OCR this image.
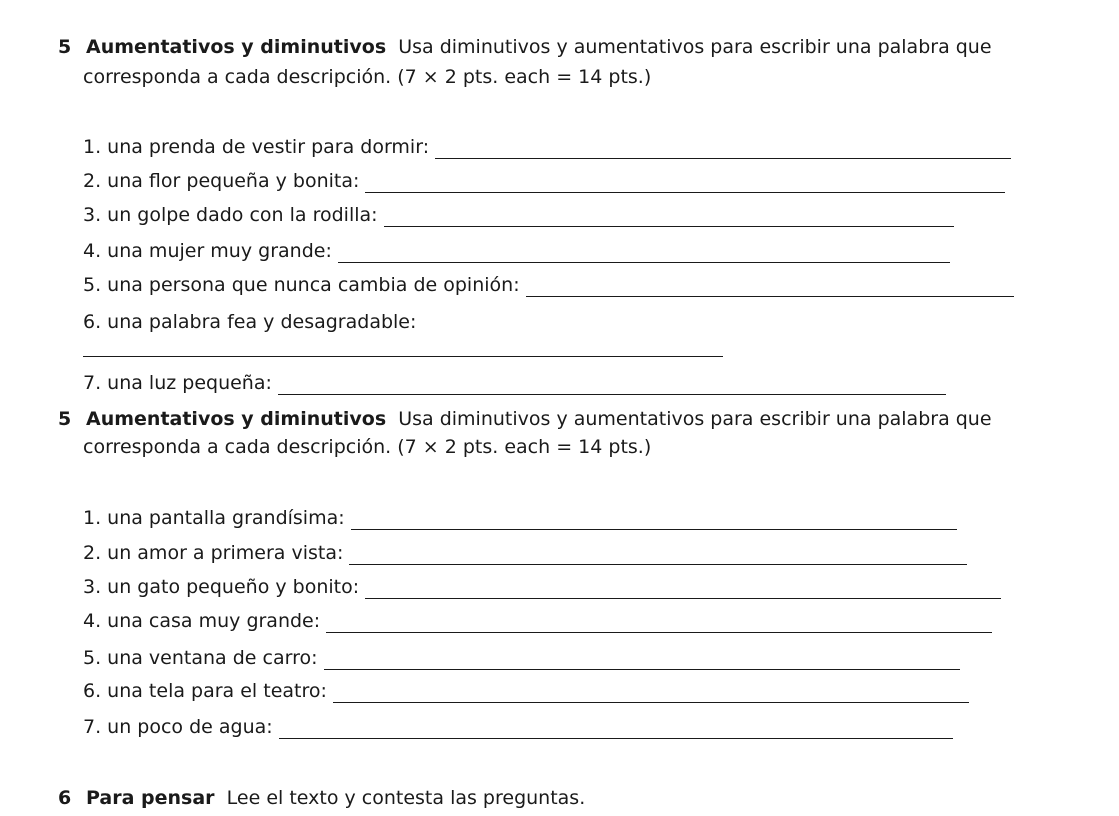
5 Aumentativos y diminutivos Usa diminutivos y aumentativos para escribir una palabra que
corresponda a cada descripción. (7 × 2 pts. each = 14 pts.)
1. una prenda de vestir para dormir:
2. una flor pequeña y bonita:
3. un golpe dado con la rodilla:
4. una mujer muy grande:
5. una persona que nunca cambia de opinión:
6. una palabra fea y desagradable:
7. una luz pequeña:
5 Aumentativos y diminutivos Usa diminutivos y aumentativos para escribir una palabra que
corresponda a cada descripción. (7 × 2 pts. each = 14 pts.)
1. una pantalla grandísima:
2. un amor a primera vista:
3. un gato pequeño y bonito:
4. una casa muy grande:
5. una ventana de carro:
6. una tela para el teatro:
7. un poco de agua:
6 Para pensar Lee el texto y contesta las preguntas.
